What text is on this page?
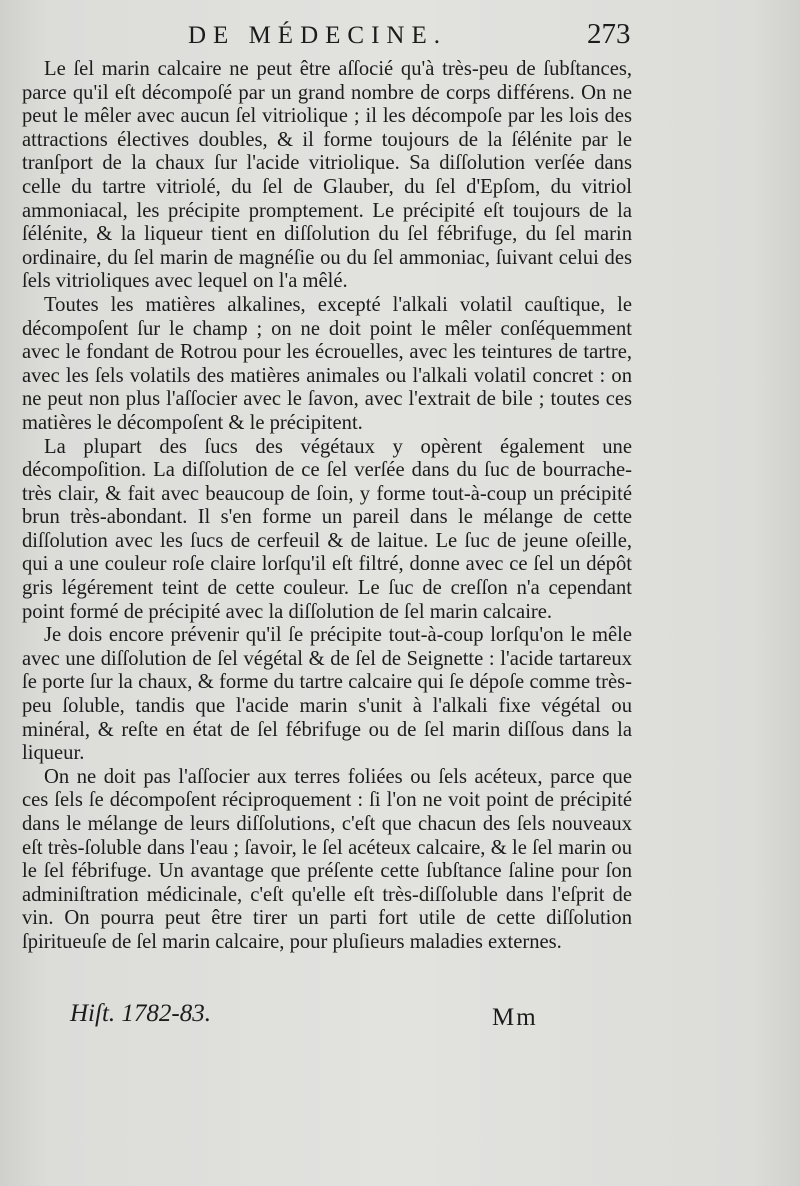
DE MÉDECINE.	273

Le ſel marin calcaire ne peut être aſſocié qu'à très-peu de ſubſtances, parce qu'il eſt décompoſé par un grand nombre de corps différens. On ne peut le mêler avec aucun ſel vitriolique ; il les décompoſe par les lois des attractions électives doubles, & il forme toujours de la ſélénite par le tranſport de la chaux ſur l'acide vitriolique. Sa diſſolution verſée dans celle du tartre vitriolé, du ſel de Glauber, du ſel d'Epſom, du vitriol ammoniacal, les précipite promptement. Le précipité eſt toujours de la ſélénite, & la liqueur tient en diſſolution du ſel fébrifuge, du ſel marin ordinaire, du ſel marin de magnéſie ou du ſel ammoniac, ſuivant celui des ſels vitrioliques avec lequel on l'a mêlé.

Toutes les matières alkalines, excepté l'alkali volatil cauſtique, le décompoſent ſur le champ ; on ne doit point le mêler conſéquemment avec le fondant de Rotrou pour les écrouelles, avec les teintures de tartre, avec les ſels volatils des matières animales ou l'alkali volatil concret : on ne peut non plus l'aſſocier avec le ſavon, avec l'extrait de bile ; toutes ces matières le décompoſent & le précipitent.

La plupart des ſucs des végétaux y opèrent également une décompoſition. La diſſolution de ce ſel verſée dans du ſuc de bourrache-très clair, & fait avec beaucoup de ſoin, y forme tout-à-coup un précipité brun très-abondant. Il s'en forme un pareil dans le mélange de cette diſſolution avec les ſucs de cerfeuil & de laitue. Le ſuc de jeune oſeille, qui a une couleur roſe claire lorſqu'il eſt filtré, donne avec ce ſel un dépôt gris légérement teint de cette couleur. Le ſuc de creſſon n'a cependant point formé de précipité avec la diſſolution de ſel marin calcaire.

Je dois encore prévenir qu'il ſe précipite tout-à-coup lorſqu'on le mêle avec une diſſolution de ſel végétal & de ſel de Seignette : l'acide tartareux ſe porte ſur la chaux, & forme du tartre calcaire qui ſe dépoſe comme très-peu ſoluble, tandis que l'acide marin s'unit à l'alkali fixe végétal ou minéral, & reſte en état de ſel fébrifuge ou de ſel marin diſſous dans la liqueur.

On ne doit pas l'aſſocier aux terres foliées ou ſels acéteux, parce que ces ſels ſe décompoſent réciproquement : ſi l'on ne voit point de précipité dans le mélange de leurs diſſolutions, c'eſt que chacun des ſels nouveaux eſt très-ſoluble dans l'eau ; ſavoir, le ſel acéteux calcaire, & le ſel marin ou le ſel fébrifuge. Un avantage que préſente cette ſubſtance ſaline pour ſon adminiſtration médicinale, c'eſt qu'elle eſt très-diſſoluble dans l'eſprit de vin. On pourra peut être tirer un parti fort utile de cette diſſolution ſpiritueuſe de ſel marin calcaire, pour pluſieurs maladies externes.

Hiſt. 1782-83.	Mm
